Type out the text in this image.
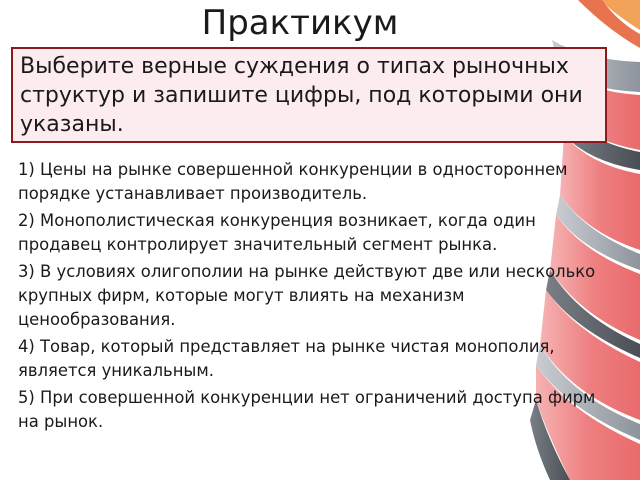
Практикум
Выберите верные суждения о типах рыночных структур и запишите цифры, под которыми они указаны.
1) Цены на рынке совершенной конкуренции в одностороннем порядке устанавливает производитель.
2) Монополистическая конкуренция возникает, когда один продавец контролирует значительный сегмент рынка.
3) В условиях олигополии на рынке действуют две или несколько крупных фирм, которые могут влиять на механизм ценообразования.
4) Товар, который представляет на рынке чистая монополия, является уникальным.
5) При совершенной конкуренции нет ограничений доступа фирм на рынок.
